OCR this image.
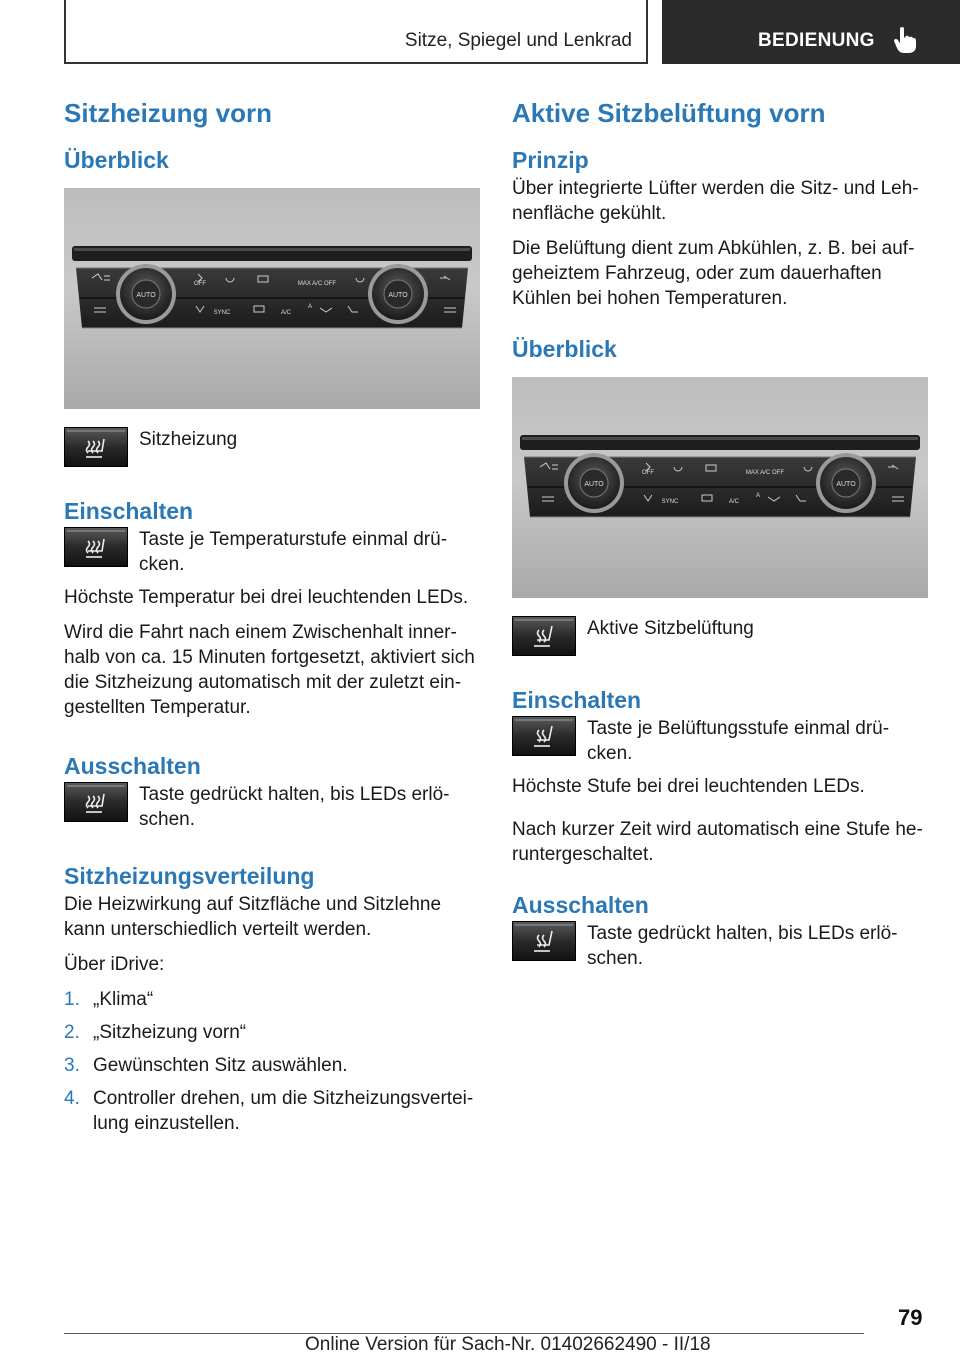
Sitze, Spiegel und Lenkrad	BEDIENUNG
Sitzheizung vorn
Überblick
AUTO	AUTO
OFF	MAX A/C OFF
SYNC	A/C
A

Sitzheizung

Einschalten

Taste je Temperaturstufe einmal drü-cken.

Höchste Temperatur bei drei leuchtenden LEDs.

Wird die Fahrt nach einem Zwischenhalt inner-halb von ca. 15 Minuten fortgesetzt, aktiviert sich die Sitzheizung automatisch mit der zuletzt ein-gestellten Temperatur.

Ausschalten

Taste gedrückt halten, bis LEDs erlö-schen.

Sitzheizungsverteilung

Die Heizwirkung auf Sitzfläche und Sitzlehne kann unterschiedlich verteilt werden.

Über iDrive:

1. „Klima“
2. „Sitzheizung vorn“
3. Gewünschten Sitz auswählen.
4. Controller drehen, um die Sitzheizungsvertei-lung einzustellen.
Aktive Sitzbelüftung vorn
Prinzip

Über integrierte Lüfter werden die Sitz- und Leh-nenfläche gekühlt.

Die Belüftung dient zum Abkühlen, z. B. bei auf-geheiztem Fahrzeug, oder zum dauerhaften Kühlen bei hohen Temperaturen.

Überblick
AUTO	AUTO
OFF	MAX A/C OFF
SYNC	A/C
A

Aktive Sitzbelüftung

Einschalten

Taste je Belüftungsstufe einmal drü-cken.

Höchste Stufe bei drei leuchtenden LEDs.

Nach kurzer Zeit wird automatisch eine Stufe he-runtergeschaltet.

Ausschalten

Taste gedrückt halten, bis LEDs erlö-schen.

79
Online Version für Sach-Nr. 01402662490 - II/18
